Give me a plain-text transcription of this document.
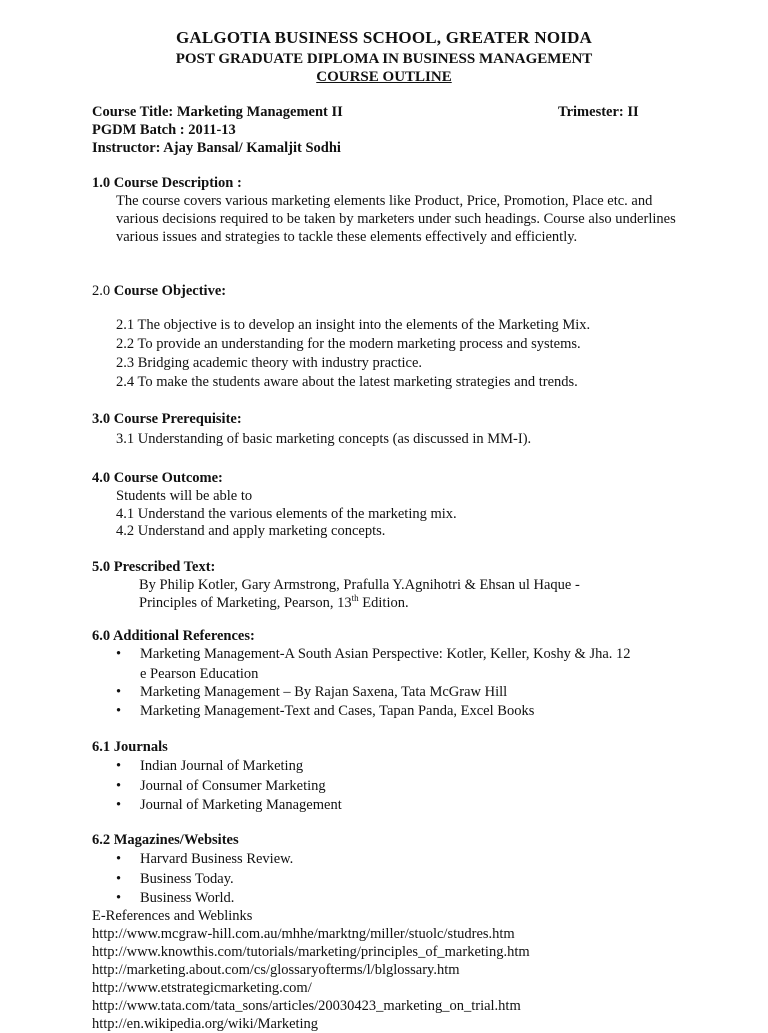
GALGOTIA BUSINESS SCHOOL, GREATER NOIDA
POST GRADUATE DIPLOMA IN BUSINESS MANAGEMENT
COURSE OUTLINE
Course Title: Marketing Management II	Trimester: II
PGDM Batch : 2011-13
Instructor: Ajay Bansal/ Kamaljit Sodhi
1.0 Course Description :
The course covers various marketing elements like Product, Price, Promotion, Place etc. and various decisions required to be taken by marketers under such headings. Course also underlines various issues and strategies to tackle these elements effectively and efficiently.
2.0 Course Objective:
2.1 The objective is to develop an insight into the elements of the Marketing Mix.
2.2 To provide an understanding for the modern marketing process and systems.
2.3 Bridging academic theory with industry practice.
2.4 To make the students aware about the latest marketing strategies and trends.
3.0 Course Prerequisite:
3.1 Understanding of basic marketing concepts (as discussed in MM-I).
4.0 Course Outcome:
Students will be able to
4.1 Understand the various elements of the marketing mix.
4.2 Understand and apply marketing concepts.
5.0 Prescribed Text:
By Philip Kotler, Gary Armstrong, Prafulla Y.Agnihotri & Ehsan ul Haque -
Principles of Marketing, Pearson, 13th Edition.
6.0 Additional References:
• Marketing Management-A South Asian Perspective: Kotler, Keller, Koshy & Jha. 12
e Pearson Education
• Marketing Management – By Rajan Saxena, Tata McGraw Hill
• Marketing Management-Text and Cases, Tapan Panda, Excel Books
6.1 Journals
• Indian Journal of Marketing
• Journal of Consumer Marketing
• Journal of Marketing Management
6.2 Magazines/Websites
• Harvard Business Review.
• Business Today.
• Business World.
E-References and Weblinks
http://www.mcgraw-hill.com.au/mhhe/marktng/miller/stuolc/studres.htm
http://www.knowthis.com/tutorials/marketing/principles_of_marketing.htm
http://marketing.about.com/cs/glossaryofterms/l/blglossary.htm
http://www.etstrategicmarketing.com/
http://www.tata.com/tata_sons/articles/20030423_marketing_on_trial.htm
http://en.wikipedia.org/wiki/Marketing
